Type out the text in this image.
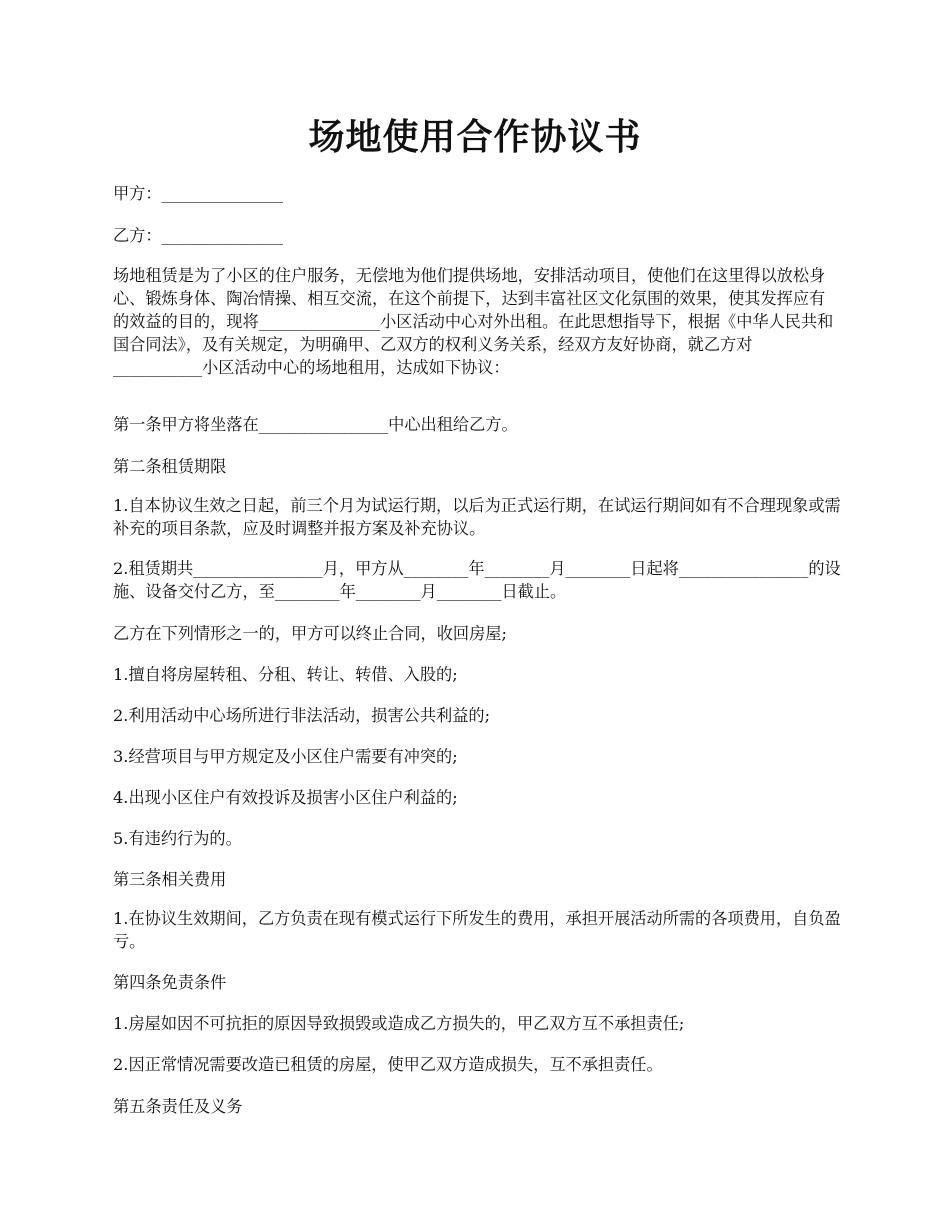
场地使用合作协议书
甲方：_______________
乙方：_______________
场地租赁是为了小区的住户服务，无偿地为他们提供场地，安排活动项目，使他们在这里得以放松身心、锻炼身体、陶冶情操、相互交流，在这个前提下，达到丰富社区文化氛围的效果，使其发挥应有的效益的目的，现将_______________小区活动中心对外出租。在此思想指导下，根据《中华人民共和国合同法》，及有关规定，为明确甲、乙双方的权利义务关系，经双方友好协商，就乙方对___________小区活动中心的场地租用，达成如下协议：
第一条甲方将坐落在________________中心出租给乙方。
第二条租赁期限
1.自本协议生效之日起，前三个月为试运行期，以后为正式运行期，在试运行期间如有不合理现象或需补充的项目条款，应及时调整并报方案及补充协议。
2.租赁期共________________月，甲方从________年________月________日起将________________的设施、设备交付乙方，至________年________月________日截止。
乙方在下列情形之一的，甲方可以终止合同，收回房屋;
1.擅自将房屋转租、分租、转让、转借、入股的;
2.利用活动中心场所进行非法活动，损害公共利益的;
3.经营项目与甲方规定及小区住户需要有冲突的;
4.出现小区住户有效投诉及损害小区住户利益的;
5.有违约行为的。
第三条相关费用
1.在协议生效期间，乙方负责在现有模式运行下所发生的费用，承担开展活动所需的各项费用，自负盈亏。
第四条免责条件
1.房屋如因不可抗拒的原因导致损毁或造成乙方损失的，甲乙双方互不承担责任;
2.因正常情况需要改造已租赁的房屋，使甲乙双方造成损失，互不承担责任。
第五条责任及义务
